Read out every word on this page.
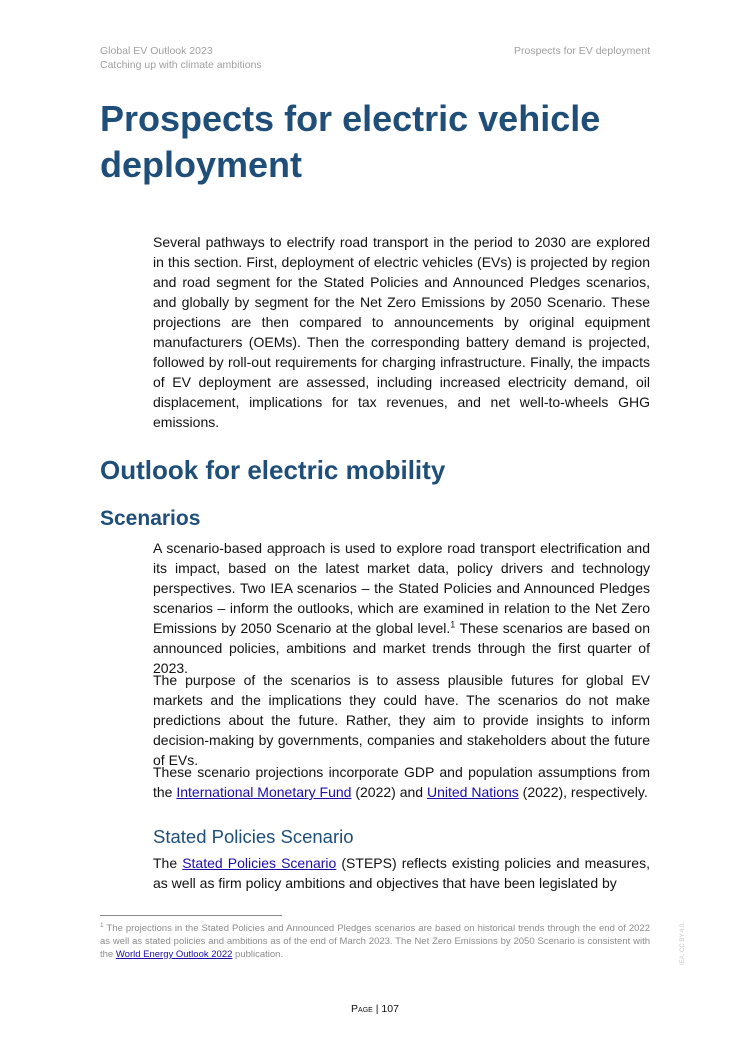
Global EV Outlook 2023
Catching up with climate ambitions
Prospects for EV deployment
Prospects for electric vehicle deployment

Several pathways to electrify road transport in the period to 2030 are explored in this section. First, deployment of electric vehicles (EVs) is projected by region and road segment for the Stated Policies and Announced Pledges scenarios, and globally by segment for the Net Zero Emissions by 2050 Scenario. These projections are then compared to announcements by original equipment manufacturers (OEMs). Then the corresponding battery demand is projected, followed by roll-out requirements for charging infrastructure. Finally, the impacts of EV deployment are assessed, including increased electricity demand, oil displacement, implications for tax revenues, and net well-to-wheels GHG emissions.

Outlook for electric mobility
Scenarios

A scenario-based approach is used to explore road transport electrification and its impact, based on the latest market data, policy drivers and technology perspectives. Two IEA scenarios – the Stated Policies and Announced Pledges scenarios – inform the outlooks, which are examined in relation to the Net Zero Emissions by 2050 Scenario at the global level.$^1$ These scenarios are based on announced policies, ambitions and market trends through the first quarter of 2023.

The purpose of the scenarios is to assess plausible futures for global EV markets and the implications they could have. The scenarios do not make predictions about the future. Rather, they aim to provide insights to inform decision-making by governments, companies and stakeholders about the future of EVs.

These scenario projections incorporate GDP and population assumptions from the International Monetary Fund (2022) and United Nations (2022), respectively.

Stated Policies Scenario

The Stated Policies Scenario (STEPS) reflects existing policies and measures, as well as firm policy ambitions and objectives that have been legislated by

$^1$ The projections in the Stated Policies and Announced Pledges scenarios are based on historical trends through the end of 2022 as well as stated policies and ambitions as of the end of March 2023. The Net Zero Emissions by 2050 Scenario is consistent with the World Energy Outlook 2022 publication.

Page | 107
IEA. CC BY 4.0.
